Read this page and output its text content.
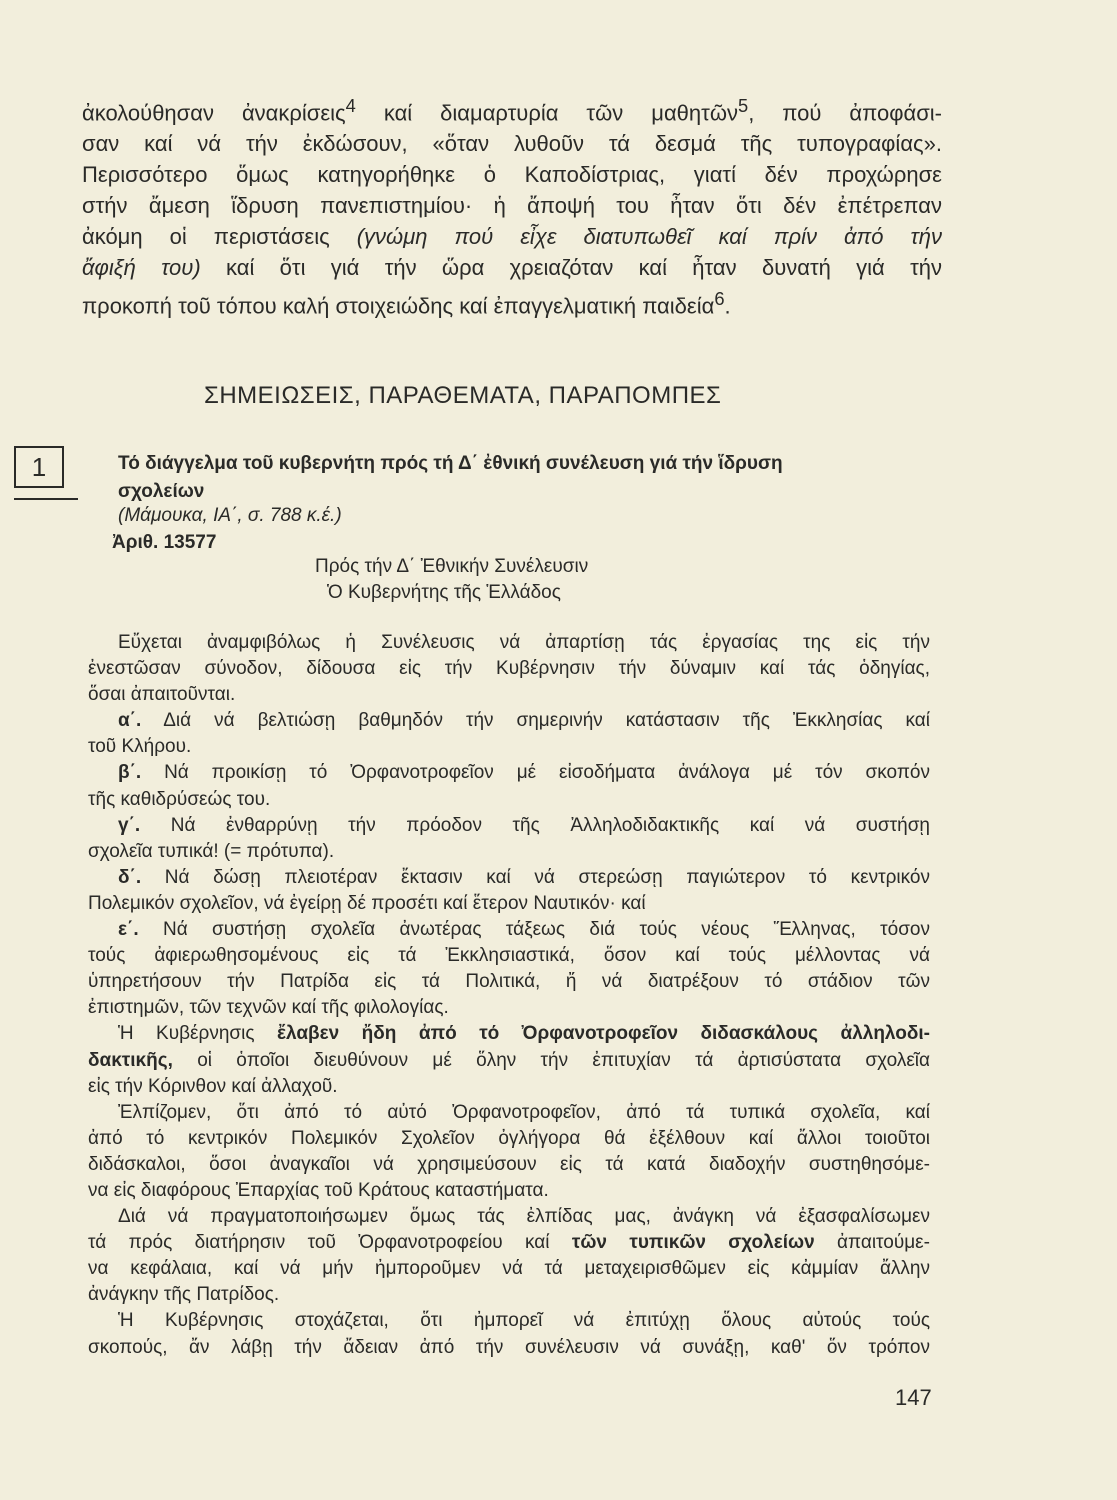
ἀκολούθησαν ἀνακρίσεις$^4$ καί διαμαρτυρία τῶν μαθητῶν$^5$, πού ἀποφάσι-
σαν καί νά τήν ἐκδώσουν, «ὅταν λυθοῦν τά δεσμά τῆς τυπογραφίας».
Περισσότερο ὅμως κατηγορήθηκε ὁ Καποδίστριας, γιατί δέν προχώρησε
στήν ἄμεση ἵδρυση πανεπιστημίου· ἡ ἄποψή του ἦταν ὅτι δέν ἐπέτρεπαν
ἀκόμη οἱ περιστάσεις (γνώμη πού εἶχε διατυπωθεῖ καί πρίν ἀπό τήν
ἄφιξή του) καί ὅτι γιά τήν ὥρα χρειαζόταν καί ἦταν δυνατή γιά τήν
προκοπή τοῦ τόπου καλή στοιχειώδης καί ἐπαγγελματική παιδεία$^6$.
ΣΗΜΕΙΩΣΕΙΣ, ΠΑΡΑΘΕΜΑΤΑ, ΠΑΡΑΠΟΜΠΕΣ
1	Τό διάγγελμα τοῦ κυβερνήτη πρός τή Δ΄ ἐθνική συνέλευση γιά τήν ἵδρυση
σχολείων
(Μάμουκα, ΙΑ΄, σ. 788 κ.έ.)
Ἀριθ. 13577
Πρός τήν Δ΄ Ἐθνικήν Συνέλευσιν
Ὁ Κυβερνήτης τῆς Ἑλλάδος
Εὔχεται ἀναμφιβόλως ἡ Συνέλευσις νά ἀπαρτίσῃ τάς ἐργασίας της εἰς τήν
ἐνεστῶσαν σύνοδον, δίδουσα εἰς τήν Κυβέρνησιν τήν δύναμιν καί τάς ὁδηγίας,
ὅσαι ἀπαιτοῦνται.
α΄. Διά νά βελτιώσῃ βαθμηδόν τήν σημερινήν κατάστασιν τῆς Ἐκκλησίας καί
τοῦ Κλήρου.
β΄. Νά προικίσῃ τό Ὀρφανοτροφεῖον μέ εἰσοδήματα ἀνάλογα μέ τόν σκοπόν
τῆς καθιδρύσεώς του.
γ΄. Νά ἐνθαρρύνῃ τήν πρόοδον τῆς Ἀλληλοδιδακτικῆς καί νά συστήσῃ
σχολεῖα τυπικά! (= πρότυπα).
δ΄. Νά δώσῃ πλειοτέραν ἔκτασιν καί νά στερεώσῃ παγιώτερον τό κεντρικόν
Πολεμικόν σχολεῖον, νά ἐγείρῃ δέ προσέτι καί ἕτερον Ναυτικόν· καί
ε΄. Νά συστήσῃ σχολεῖα ἀνωτέρας τάξεως διά τούς νέους Ἕλληνας, τόσον
τούς ἀφιερωθησομένους εἰς τά Ἐκκλησιαστικά, ὅσον καί τούς μέλλοντας νά
ὑπηρετήσουν τήν Πατρίδα εἰς τά Πολιτικά, ἤ νά διατρέξουν τό στάδιον τῶν
ἐπιστημῶν, τῶν τεχνῶν καί τῆς φιλολογίας.
Ἡ Κυβέρνησις ἔλαβεν ἤδη ἀπό τό Ὀρφανοτροφεῖον διδασκάλους ἀλληλοδι-
δακτικῆς, οἱ ὁποῖοι διευθύνουν μέ ὅλην τήν ἐπιτυχίαν τά ἀρτισύστατα σχολεῖα
εἰς τήν Κόρινθον καί ἀλλαχοῦ.
Ἐλπίζομεν, ὅτι ἀπό τό αὐτό Ὀρφανοτροφεῖον, ἀπό τά τυπικά σχολεῖα, καί
ἀπό τό κεντρικόν Πολεμικόν Σχολεῖον ὀγλήγορα θά ἐξέλθουν καί ἄλλοι τοιοῦτοι
διδάσκαλοι, ὅσοι ἀναγκαῖοι νά χρησιμεύσουν εἰς τά κατά διαδοχήν συστηθησόμε-
να εἰς διαφόρους Ἐπαρχίας τοῦ Κράτους καταστήματα.
Διά νά πραγματοποιήσωμεν ὅμως τάς ἐλπίδας μας, ἀνάγκη νά ἐξασφαλίσωμεν
τά πρός διατήρησιν τοῦ Ὀρφανοτροφείου καί τῶν τυπικῶν σχολείων ἀπαιτούμε-
να κεφάλαια, καί νά μήν ἠμποροῦμεν νά τά μεταχειρισθῶμεν εἰς κἀμμίαν ἄλλην
ἀνάγκην τῆς Πατρίδος.
Ἡ Κυβέρνησις στοχάζεται, ὅτι ἠμπορεῖ νά ἐπιτύχῃ ὅλους αὐτούς τούς
σκοπούς, ἄν λάβῃ τήν ἄδειαν ἀπό τήν συνέλευσιν νά συνάξῃ, καθ' ὅν τρόπον
147
